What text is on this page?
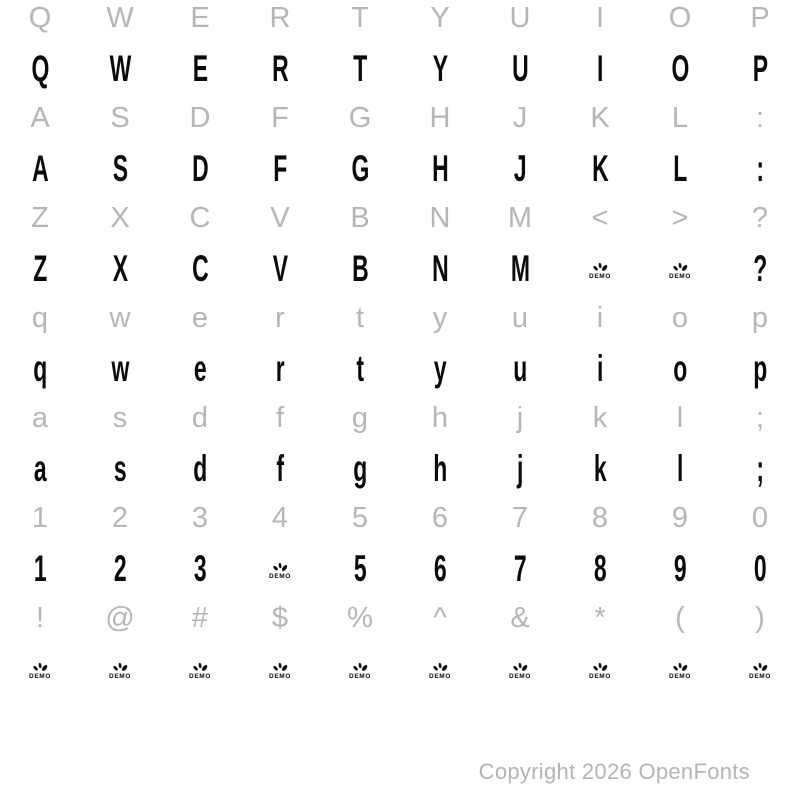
Q W E R T Y U I O P
Q W E R T Y U I O P
A S D F G H J K L :
A S D F G H J K L :
Z X C V B N M < > ?
Z X C V B N M	DEMO	DEMO ?
q w e r t y u i o p
q w e r t y u i o p
a s d f g h j k l	;
a s d f g h j k l ;
1 2 3 4 5 6 7 8 9 0
1 2 3	DEMO 5 6 7 8 9 0
! @ # $ % ^ & * ( )
DEMO	DEMO	DEMO	DEMO	DEMO	DEMO	DEMO	DEMO	DEMO	DEMO
Copyright 2026 OpenFonts
